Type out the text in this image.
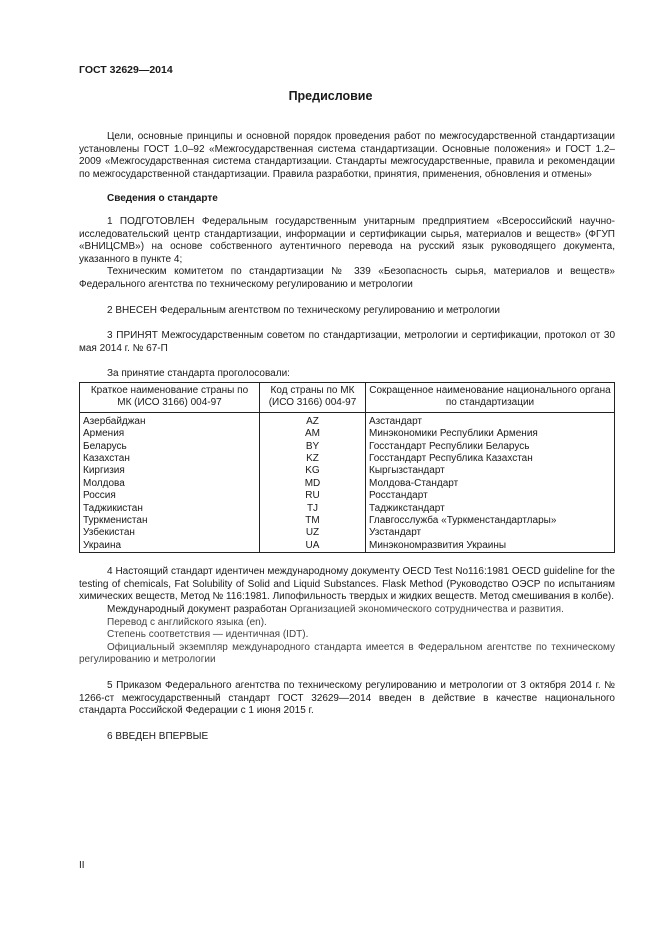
ГОСТ 32629—2014
Предисловие

Цели, основные принципы и основной порядок проведения работ по межгосударственной стандартизации установлены ГОСТ 1.0–92 «Межгосударственная система стандартизации. Основные положения» и ГОСТ 1.2–2009 «Межгосударственная система стандартизации. Стандарты межгосударственные, правила и рекомендации по межгосударственной стандартизации. Правила разработки, принятия, применения, обновления и отмены»

Сведения о стандарте

1 ПОДГОТОВЛЕН Федеральным государственным унитарным предприятием «Всероссийский научно-исследовательский центр стандартизации, информации и сертификации сырья, материалов и веществ» (ФГУП «ВНИЦСМВ») на основе собственного аутентичного перевода на русский язык руководящего документа, указанного в пункте 4;

Техническим комитетом по стандартизации № 339 «Безопасность сырья, материалов и веществ» Федерального агентства по техническому регулированию и метрологии

2 ВНЕСЕН Федеральным агентством по техническому регулированию и метрологии

3 ПРИНЯТ Межгосударственным советом по стандартизации, метрологии и сертификации, протокол от 30 мая 2014 г. № 67-П

За принятие стандарта проголосовали:

Краткое наименование страны по МК (ИСО 3166) 004-97	Код страны по МК (ИСО 3166) 004-97	Сокращенное наименование национального органа по стандартизации
Азербайджан	AZ	Азстандарт
Армения	AM	Минэкономики Республики Армения
Беларусь	BY	Госстандарт Республики Беларусь
Казахстан	KZ	Госстандарт Республика Казахстан
Киргизия	KG	Кыргызстандарт
Молдова	MD	Молдова-Стандарт
Россия	RU	Росстандарт
Таджикистан	TJ	Таджикстандарт
Туркменистан	TM	Главгосслужба «Туркменстандартлары»
Узбекистан	UZ	Узстандарт
Украина	UA	Минэкономразвития Украины

4 Настоящий стандарт идентичен международному документу OECD Test No116:1981 OECD guideline for the testing of chemicals, Fat Solubility of Solid and Liquid Substances. Flask Method (Руководство ОЭСР по испытаниям химических веществ, Метод № 116:1981. Липофильность твердых и жидких веществ. Метод смешивания в колбе).

Международный документ разработан Организацией экономического сотрудничества и развития.

Перевод с английского языка (en).

Степень соответствия — идентичная (IDT).

Официальный экземпляр международного стандарта имеется в Федеральном агентстве по техническому регулированию и метрологии

5 Приказом Федерального агентства по техническому регулированию и метрологии от 3 октября 2014 г. № 1266-ст межгосударственный стандарт ГОСТ 32629—2014 введен в действие в качестве национального стандарта Российской Федерации с 1 июня 2015 г.

6 ВВЕДЕН ВПЕРВЫЕ

II
